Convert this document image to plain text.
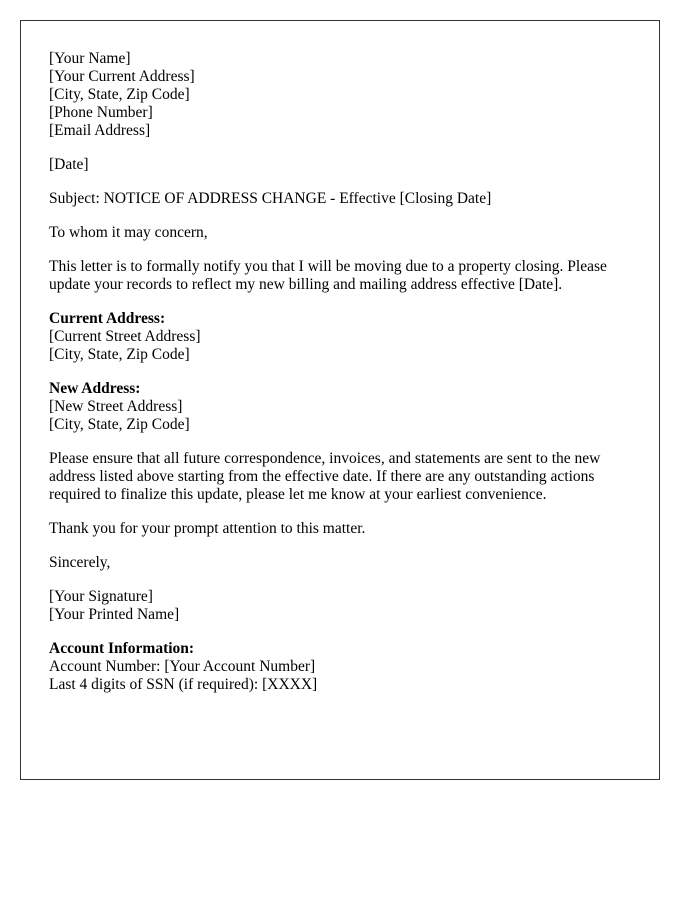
[Your Name]
[Your Current Address]
[City, State, Zip Code]
[Phone Number]
[Email Address]
[Date]
Subject: NOTICE OF ADDRESS CHANGE - Effective [Closing Date]
To whom it may concern,
This letter is to formally notify you that I will be moving due to a property closing. Please update your records to reflect my new billing and mailing address effective [Date].
Current Address:
[Current Street Address]
[City, State, Zip Code]
New Address:
[New Street Address]
[City, State, Zip Code]
Please ensure that all future correspondence, invoices, and statements are sent to the new address listed above starting from the effective date. If there are any outstanding actions required to finalize this update, please let me know at your earliest convenience.
Thank you for your prompt attention to this matter.
Sincerely,
[Your Signature]
[Your Printed Name]
Account Information:
Account Number: [Your Account Number]
Last 4 digits of SSN (if required): [XXXX]
